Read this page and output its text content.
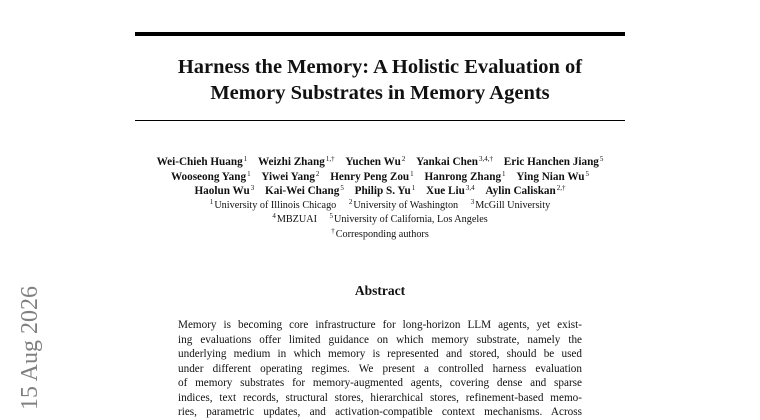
Harness the Memory: A Holistic Evaluation of
Memory Substrates in Memory Agents
Wei-Chieh Huang$^1$ Weizhi Zhang$^{1,\dagger}$ Yuchen Wu$^2$ Yankai Chen$^{3,4,\dagger}$ Eric Hanchen Jiang$^5$
Wooseong Yang$^1$ Yiwei Yang$^2$ Henry Peng Zou$^1$ Hanrong Zhang$^1$ Ying Nian Wu$^5$
Haolun Wu$^3$ Kai-Wei Chang$^5$ Philip S. Yu$^1$ Xue Liu$^{3,4}$ Aylin Caliskan$^{2,\dagger}$
$^1$University of Illinois Chicago $^2$University of Washington $^3$McGill University
$^4$MBZUAI $^5$University of California, Los Angeles
†Corresponding authors
Abstract
Memory is becoming core infrastructure for long-horizon LLM agents, yet exist-
ing evaluations offer limited guidance on which memory substrate, namely the
underlying medium in which memory is represented and stored, should be used
under different operating regimes. We present a controlled harness evaluation
of memory substrates for memory-augmented agents, covering dense and sparse
indices, text records, structural stores, hierarchical stores, refinement-based memo-
ries, parametric updates, and activation-compatible context mechanisms. Across
15 Aug 2026
